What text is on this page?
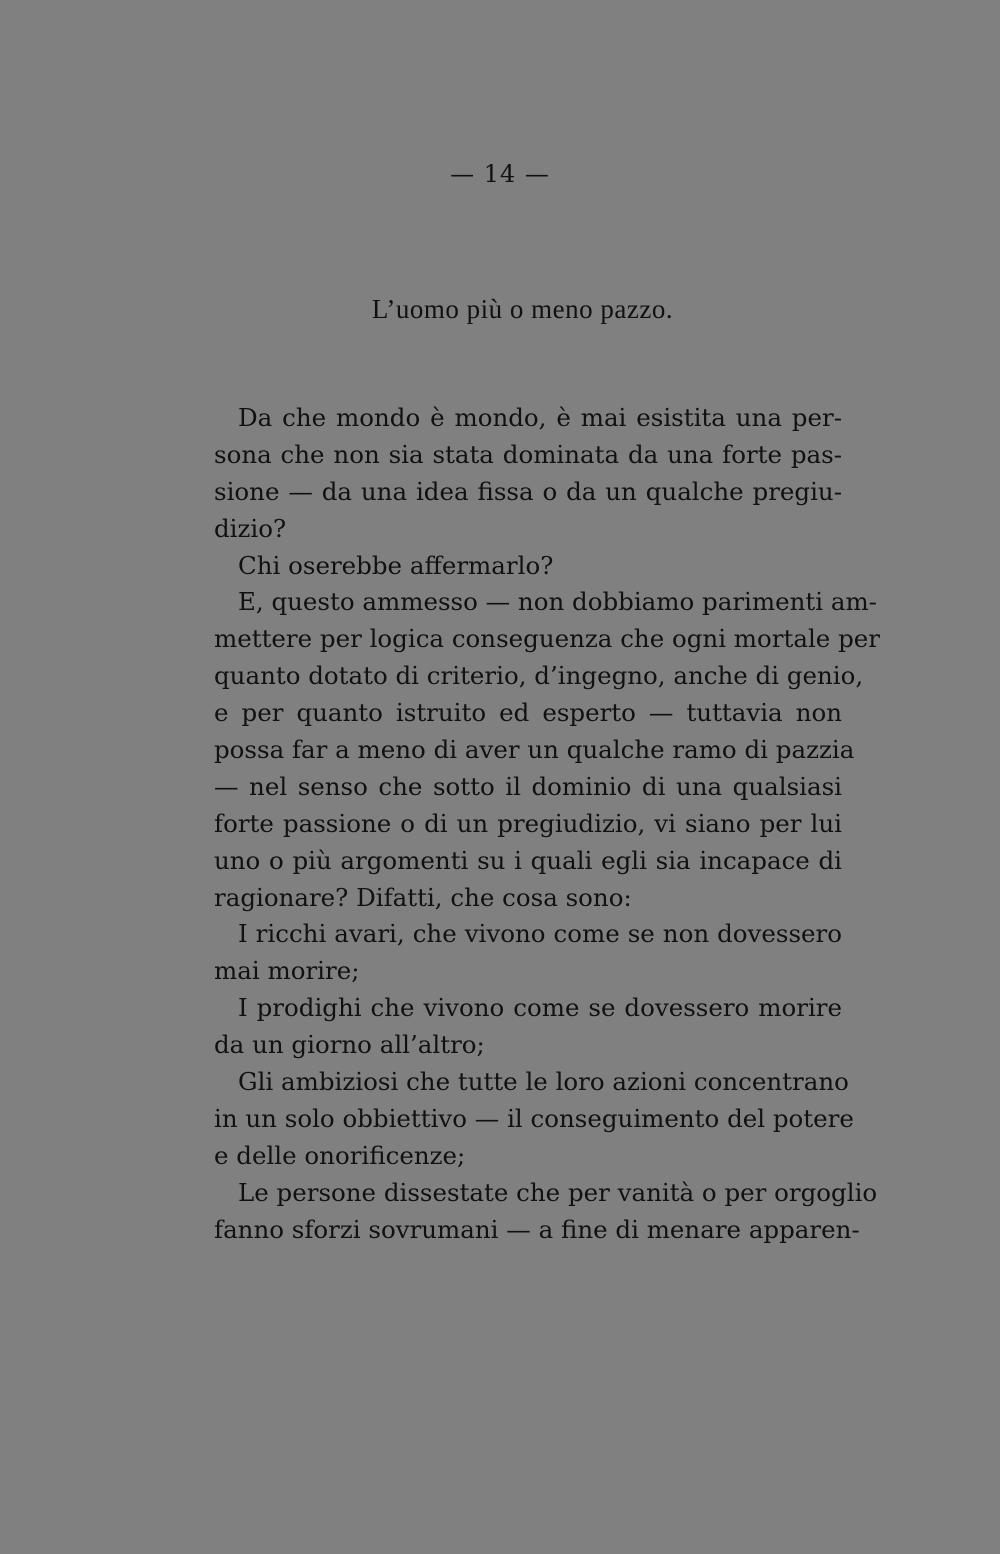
— 14 —
L’uomo più o meno pazzo.
Da che mondo è mondo, è mai esistita una per-
sona che non sia stata dominata da una forte pas-
sione — da una idea fissa o da un qualche pregiu-
dizio?
Chi oserebbe affermarlo?
E, questo ammesso — non dobbiamo parimenti am-
mettere per logica conseguenza che ogni mortale per
quanto dotato di criterio, d’ingegno, anche di genio,
e per quanto istruito ed esperto — tuttavia non
possa far a meno di aver un qualche ramo di pazzia
— nel senso che sotto il dominio di una qualsiasi
forte passione o di un pregiudizio, vi siano per lui
uno o più argomenti su i quali egli sia incapace di
ragionare? Difatti, che cosa sono:
I ricchi avari, che vivono come se non dovessero
mai morire;
I prodighi che vivono come se dovessero morire
da un giorno all’altro;
Gli ambiziosi che tutte le loro azioni concentrano
in un solo obbiettivo — il conseguimento del potere
e delle onorificenze;
Le persone dissestate che per vanità o per orgoglio
fanno sforzi sovrumani — a fine di menare apparen-
